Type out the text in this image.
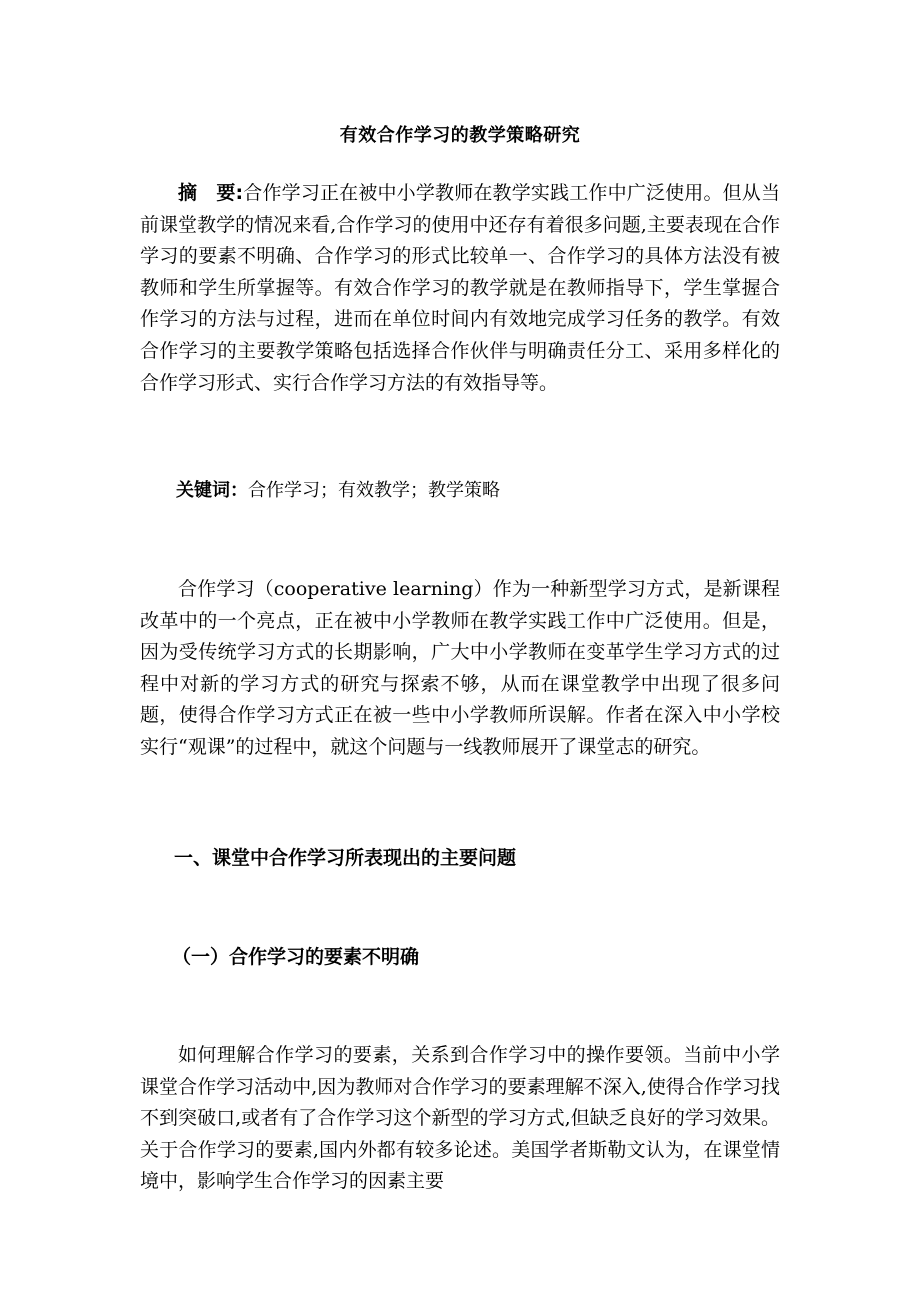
有效合作学习的教学策略研究

摘　要:合作学习正在被中小学教师在教学实践工作中广泛使用。但从当前课堂教学的情况来看,合作学习的使用中还存有着很多问题,主要表现在合作学习的要素不明确、合作学习的形式比较单一、合作学习的具体方法没有被教师和学生所掌握等。有效合作学习的教学就是在教师指导下，学生掌握合作学习的方法与过程，进而在单位时间内有效地完成学习任务的教学。有效合作学习的主要教学策略包括选择合作伙伴与明确责任分工、采用多样化的合作学习形式、实行合作学习方法的有效指导等。

关键词：合作学习；有效教学；教学策略

合作学习（cooperative learning）作为一种新型学习方式，是新课程改革中的一个亮点，正在被中小学教师在教学实践工作中广泛使用。但是，因为受传统学习方式的长期影响，广大中小学教师在变革学生学习方式的过程中对新的学习方式的研究与探索不够，从而在课堂教学中出现了很多问题，使得合作学习方式正在被一些中小学教师所误解。作者在深入中小学校实行“观课”的过程中，就这个问题与一线教师展开了课堂志的研究。

一、课堂中合作学习所表现出的主要问题
（一）合作学习的要素不明确

如何理解合作学习的要素，关系到合作学习中的操作要领。当前中小学课堂合作学习活动中,因为教师对合作学习的要素理解不深入,使得合作学习找不到突破口,或者有了合作学习这个新型的学习方式,但缺乏良好的学习效果。关于合作学习的要素,国内外都有较多论述。美国学者斯勒文认为，在课堂情境中，影响学生合作学习的因素主要
